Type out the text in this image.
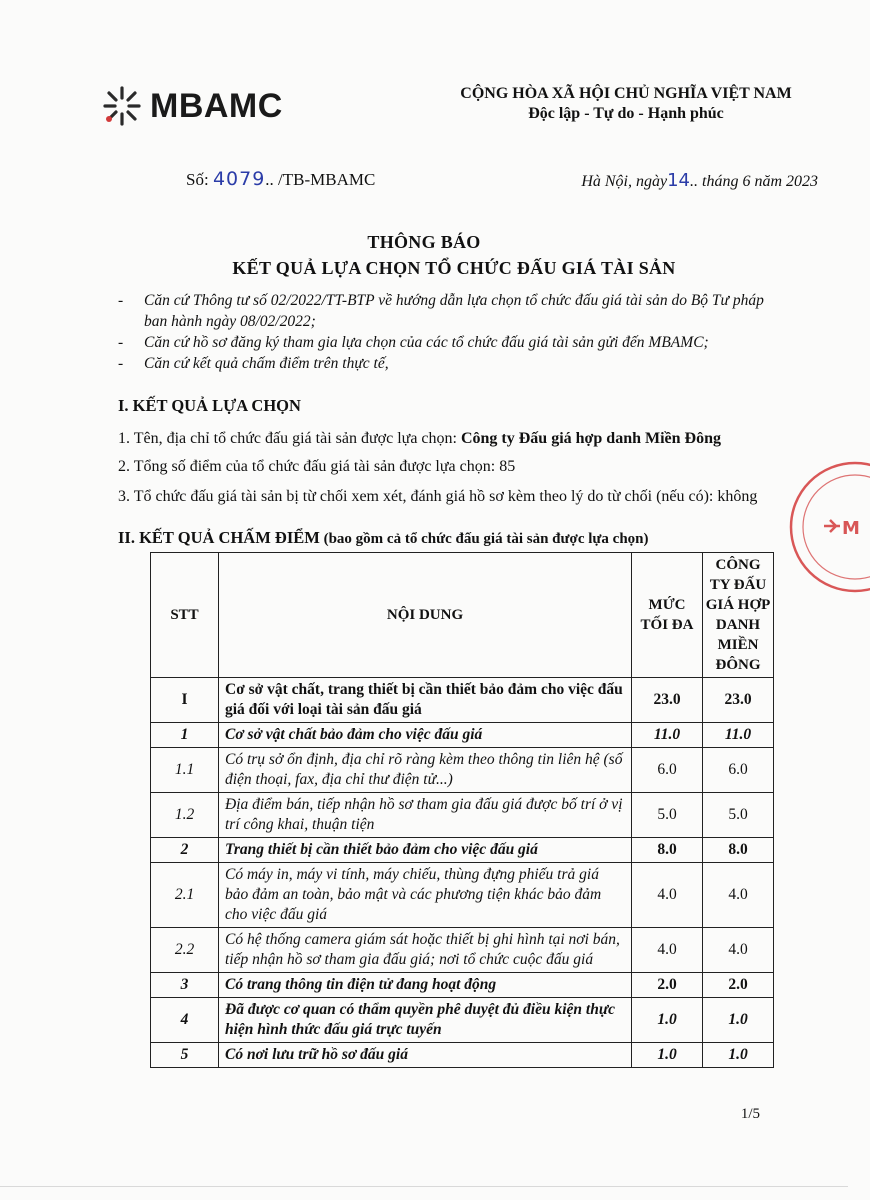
MBAMC	CỘNG HÒA XÃ HỘI CHỦ NGHĨA VIỆT NAM
Độc lập - Tự do - Hạnh phúc
Số: 4079.. /TB-MBAMC	Hà Nội, ngày14.. tháng 6 năm 2023
THÔNG BÁO
KẾT QUẢ LỰA CHỌN TỔ CHỨC ĐẤU GIÁ TÀI SẢN
- Căn cứ Thông tư số 02/2022/TT-BTP về hướng dẫn lựa chọn tổ chức đấu giá tài sản do Bộ Tư pháp ban hành ngày 08/02/2022;
- Căn cứ hồ sơ đăng ký tham gia lựa chọn của các tổ chức đấu giá tài sản gửi đến MBAMC;
- Căn cứ kết quả chấm điểm trên thực tế,
I. KẾT QUẢ LỰA CHỌN
1. Tên, địa chỉ tổ chức đấu giá tài sản được lựa chọn: Công ty Đấu giá hợp danh Miền Đông
2. Tổng số điểm của tổ chức đấu giá tài sản được lựa chọn: 85
3. Tổ chức đấu giá tài sản bị từ chối xem xét, đánh giá hồ sơ kèm theo lý do từ chối (nếu có): không
II. KẾT QUẢ CHẤM ĐIỂM (bao gồm cả tổ chức đấu giá tài sản được lựa chọn)
STT	NỘI DUNG	MỨC TỐI ĐA	CÔNG TY ĐẤU GIÁ HỢP DANH MIỀN ĐÔNG
I	Cơ sở vật chất, trang thiết bị cần thiết bảo đảm cho việc đấu giá đối với loại tài sản đấu giá	23.0	23.0
1	Cơ sở vật chất bảo đảm cho việc đấu giá	11.0	11.0
1.1	Có trụ sở ổn định, địa chỉ rõ ràng kèm theo thông tin liên hệ (số điện thoại, fax, địa chỉ thư điện tử...)	6.0	6.0
1.2	Địa điểm bán, tiếp nhận hồ sơ tham gia đấu giá được bố trí ở vị trí công khai, thuận tiện	5.0	5.0
2	Trang thiết bị cần thiết bảo đảm cho việc đấu giá	8.0	8.0
2.1	Có máy in, máy vi tính, máy chiếu, thùng đựng phiếu trả giá bảo đảm an toàn, bảo mật và các phương tiện khác bảo đảm cho việc đấu giá	4.0	4.0
2.2	Có hệ thống camera giám sát hoặc thiết bị ghi hình tại nơi bán, tiếp nhận hồ sơ tham gia đấu giá; nơi tổ chức cuộc đấu giá	4.0	4.0
3	Có trang thông tin điện tử đang hoạt động	2.0	2.0
4	Đã được cơ quan có thẩm quyền phê duyệt đủ điều kiện thực hiện hình thức đấu giá trực tuyến	1.0	1.0
5	Có nơi lưu trữ hồ sơ đấu giá	1.0	1.0
M
1/5
